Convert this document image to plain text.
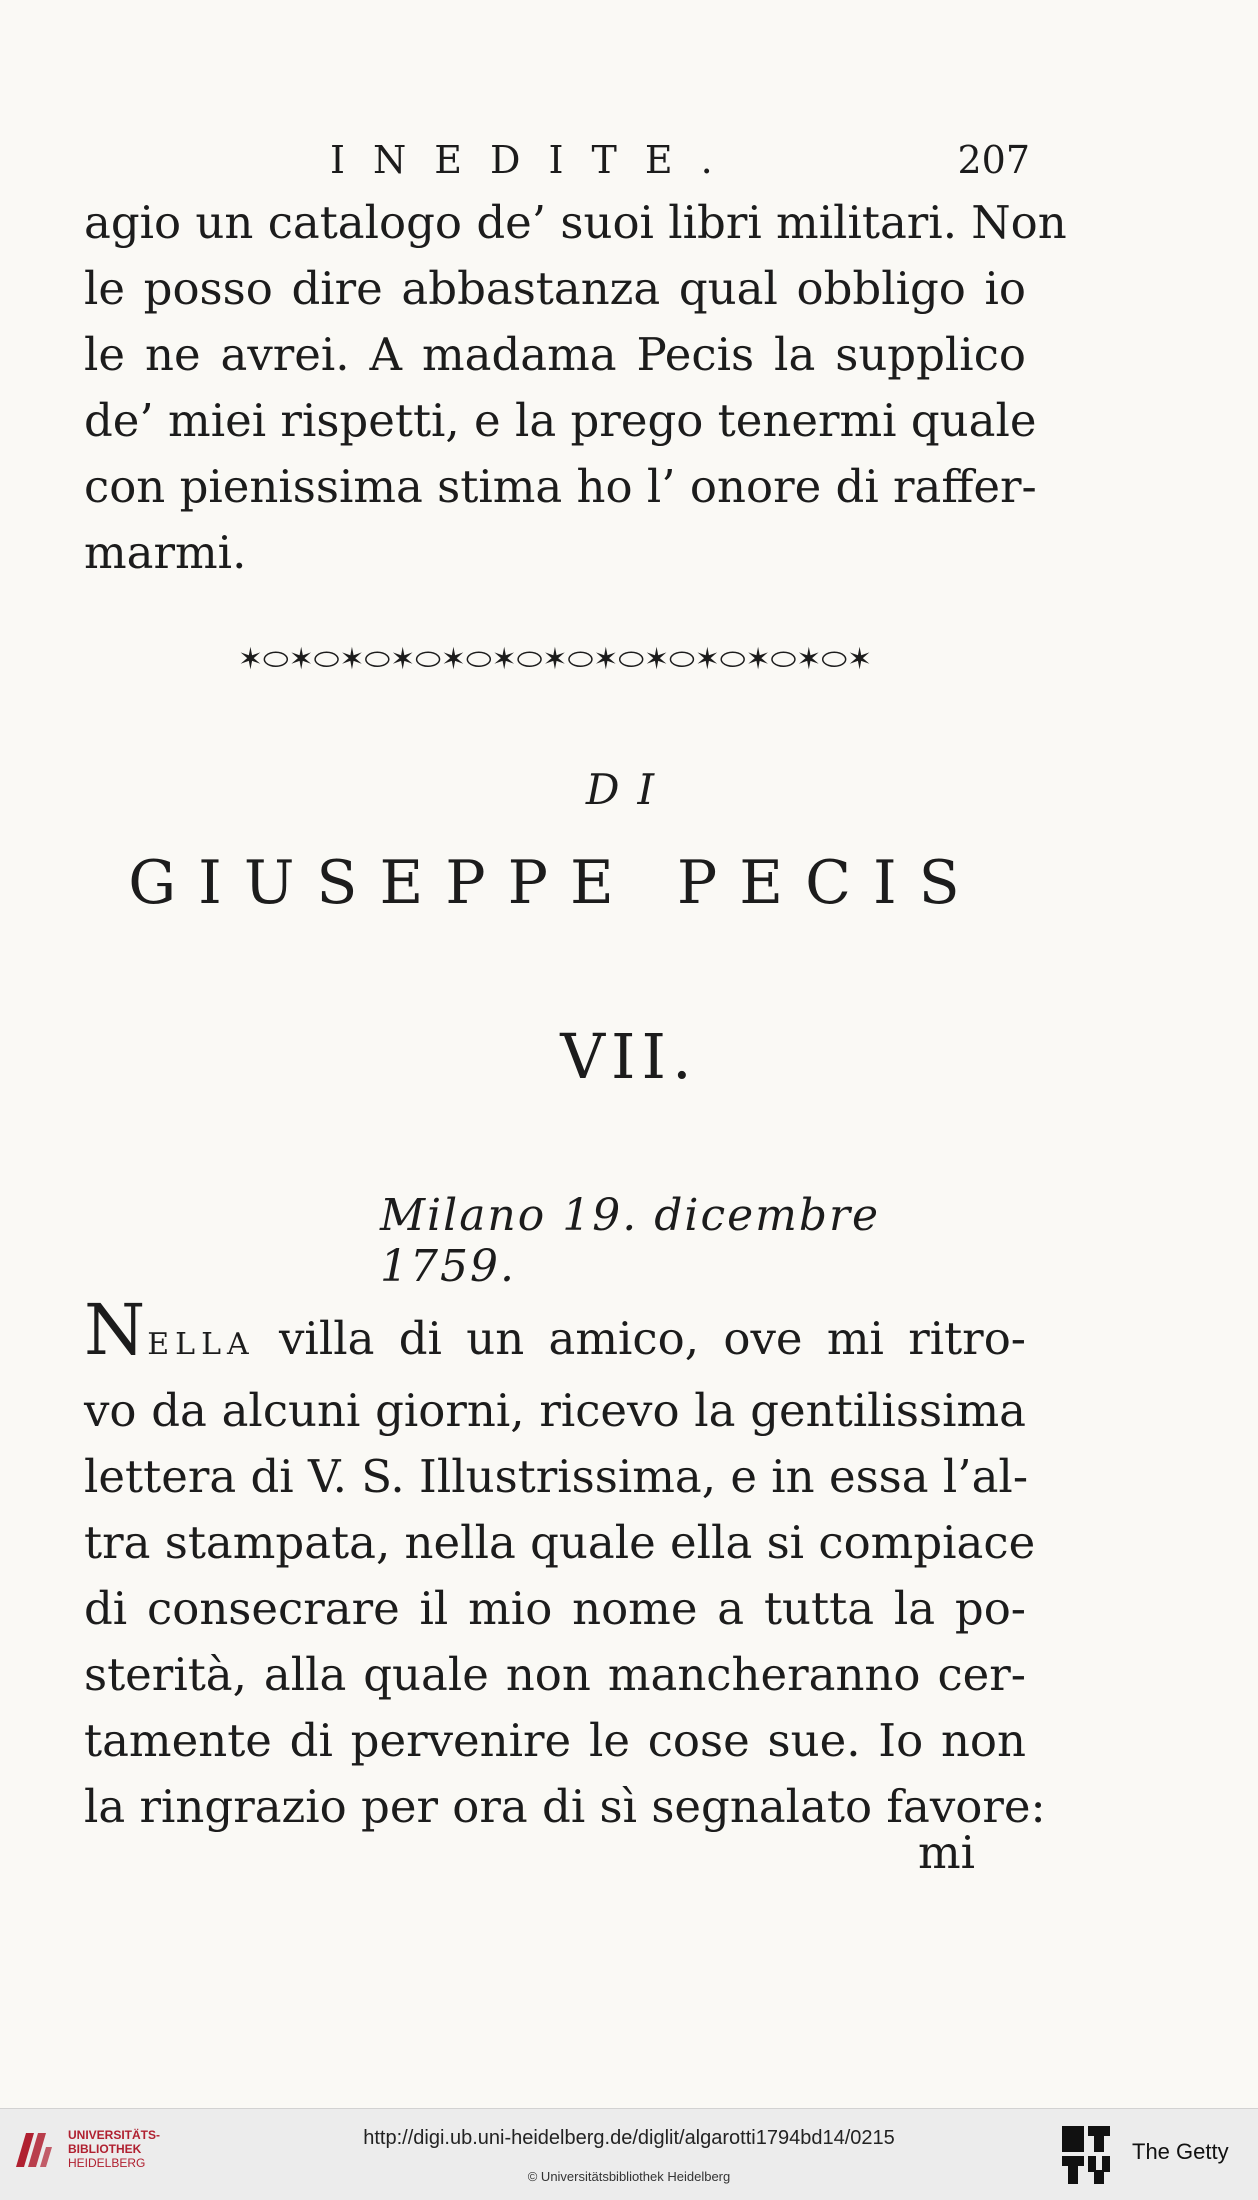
INEDITE.	207
agio un catalogo de’ suoi libri militari. Non
le posso dire abbastanza qual obbligo io
le ne avrei. A madama Pecis la supplico
de’ miei rispetti, e la prego tenermi quale
con pienissima stima ho l’ onore di raffer-
marmi.
✶⬭✶⬭✶⬭✶⬭✶⬭✶⬭✶⬭✶⬭✶⬭✶⬭✶⬭✶⬭✶
DI
GIUSEPPE PECIS
VII.
Milano 19. dicembre 1759.
NELLA villa di un amico, ove mi ritro-
vo da alcuni giorni, ricevo la gentilissima
lettera di V. S. Illustrissima, e in essa l’al-
tra stampata, nella quale ella si compiace
di consecrare il mio nome a tutta la po-
sterità, alla quale non mancheranno cer-
tamente di pervenire le cose sue. Io non
la ringrazio per ora di sì segnalato favore:
mi
UNIVERSITÄTS-
BIBLIOTHEK
HEIDELBERG
http://digi.ub.uni-heidelberg.de/diglit/algarotti1794bd14/0215
© Universitätsbibliothek Heidelberg
The Getty
